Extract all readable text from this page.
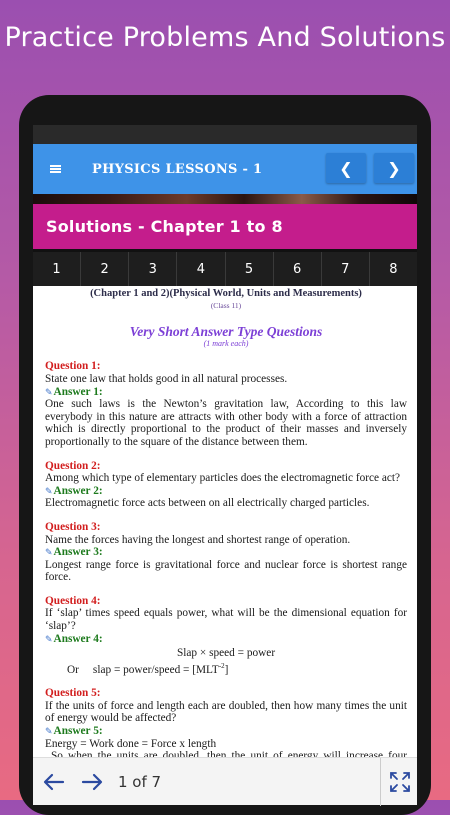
Practice Problems And Solutions
PHYSICS LESSONS - 1	❮	❯
Solutions - Chapter 1 to 8
1	2	3	4	5	6	7	8
(Chapter 1 and 2)(Physical World, Units and Measurements)
(Class 11)
Very Short Answer Type Questions
(1 mark each)
Question 1:
State one law that holds good in all natural processes.
✎Answer 1:
One such laws is the Newton’s gravitation law, According to this law everybody in this nature are attracts with other body with a force of attraction which is directly proportional to the product of their masses and inversely proportionally to the square of the distance between them.
Question 2:
Among which type of elementary particles does the electromagnetic force act?
✎Answer 2:
Electromagnetic force acts between on all electrically charged particles.
Question 3:
Name the forces having the longest and shortest range of operation.
✎Answer 3:
Longest range force is gravitational force and nuclear force is shortest range force.
Question 4:
If ‘slap’ times speed equals power, what will be the dimensional equation for ‘slap’?
✎Answer 4:
Slap × speed = power
Or slap = power/speed = $[MLT^{-2}]$
Question 5:
If the units of force and length each are doubled, then how many times the unit of energy would be affected?
✎Answer 5:
Energy = Work done = Force x length
1 of 7
